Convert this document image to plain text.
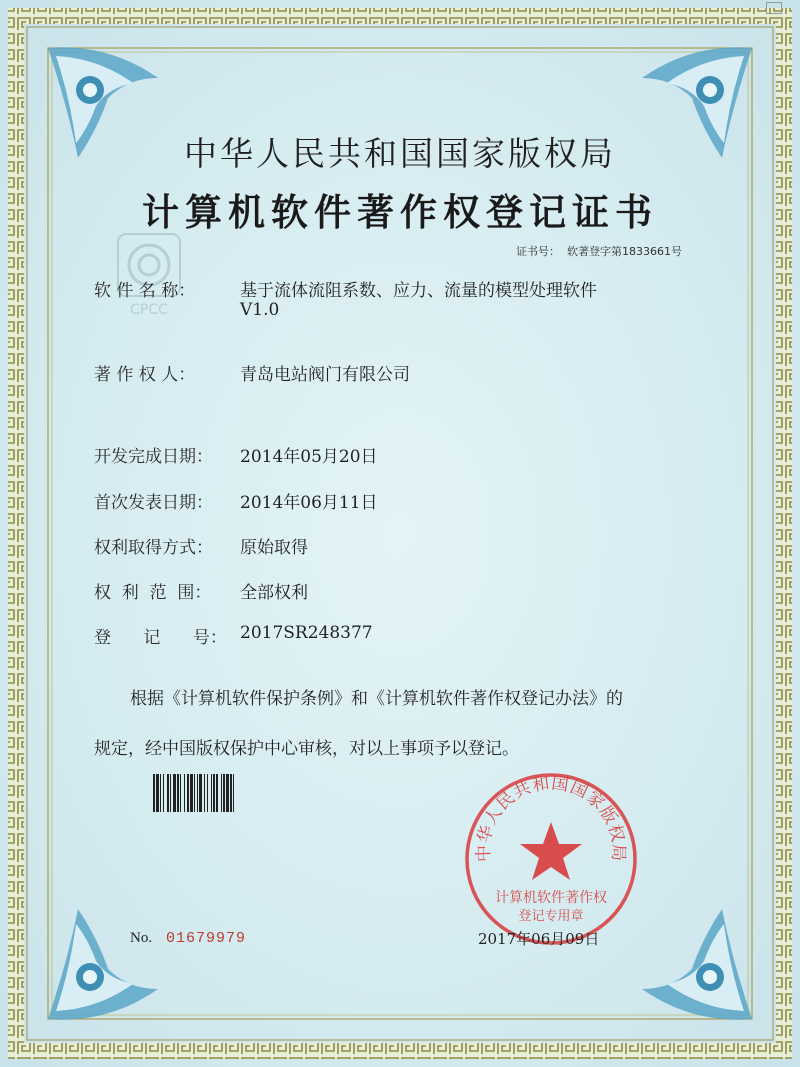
中华人民共和国国家版权局
计算机软件著作权登记证书
证书号： 软著登字第1833661号
CPCC
软 件 名 称：	基于流体流阻系数、应力、流量的模型处理软件
V1.0
著 作 权 人：	青岛电站阀门有限公司
开发完成日期： 2014年05月20日
首次发表日期： 2014年06月11日
权利取得方式： 原始取得
权  利  范  围： 全部权利
登      记      号： 2017SR248377
根据《计算机软件保护条例》和《计算机软件著作权登记办法》的
规定，经中国版权保护中心审核，对以上事项予以登记。
中华人民共和国国家版权局
计算机软件著作权
登记专用章
No. 01679979	2017年06月09日
